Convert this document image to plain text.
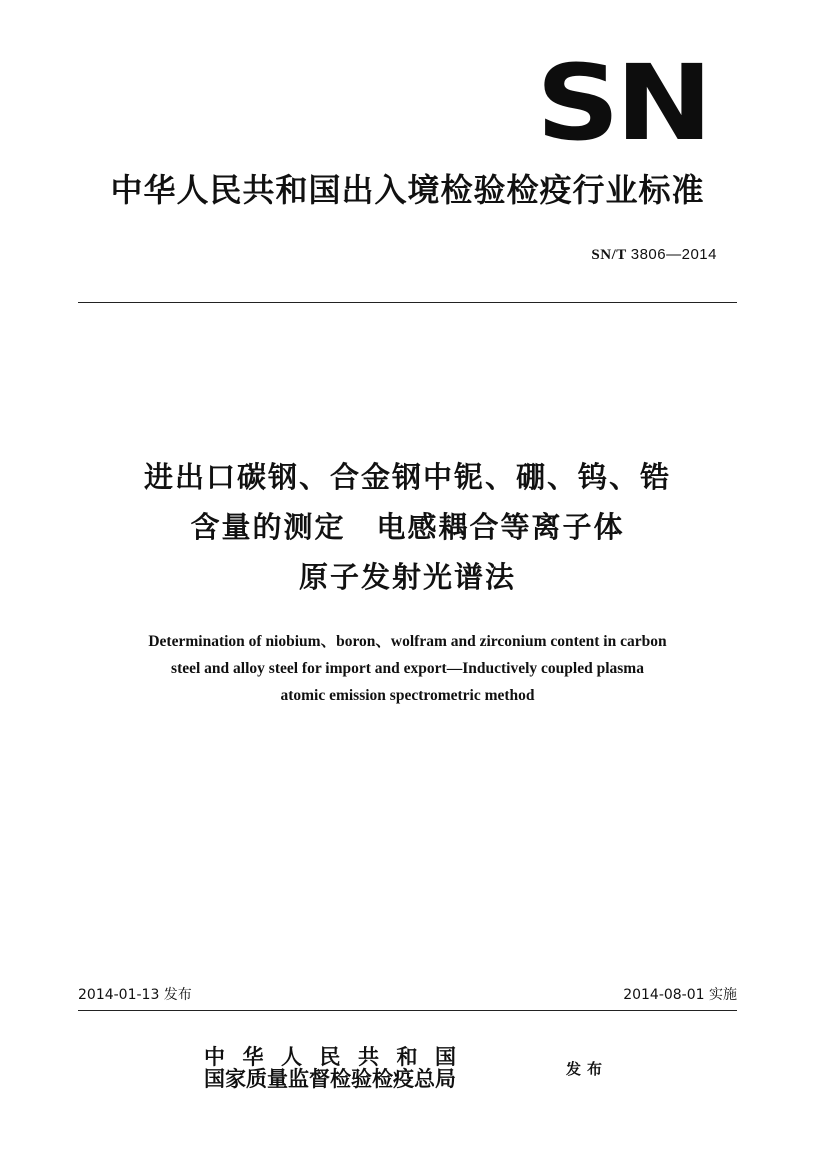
SN
中华人民共和国出入境检验检疫行业标准
SN/T 3806—2014
进出口碳钢、合金钢中铌、硼、钨、锆
含量的测定　电感耦合等离子体
原子发射光谱法
Determination of niobium、boron、wolfram and zirconium content in carbon
steel and alloy steel for import and export—Inductively coupled plasma
atomic emission spectrometric method
2014-01-13 发布	2014-08-01 实施
中华人民共和国
国家质量监督检验检疫总局	发布
